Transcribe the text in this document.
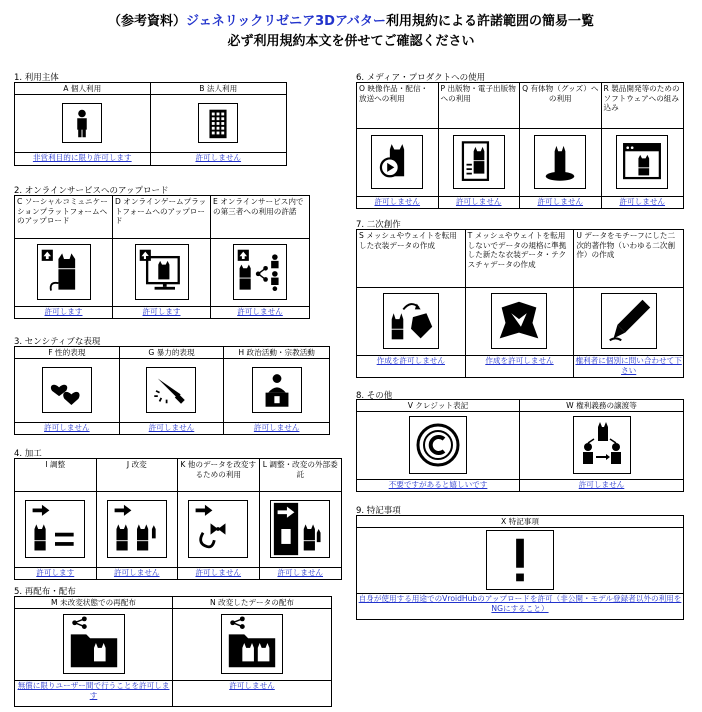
（参考資料）ジェネリックリゼニア3Dアバター利用規約による許諾範囲の簡易一覧
必ず利用規約本文を併せてご確認ください
1. 利用主体
A 個人利用
非営利目的に限り許可します
B 法人利用
許可しません
2. オンラインサービスへのアップロード
C ソーシャルコミュニケーションプラットフォームへのアップロード
許可します
D オンラインゲームプラットフォームへのアップロード
許可します
E オンラインサービス内での第三者への利用の許諾
許可しません
3. センシティブな表現
F 性的表現
許可しません
G 暴力的表現
許可しません
H 政治活動・宗教活動
許可しません
4. 加工
I 調整
許可します
J 改変
許可しません
K 他のデータを改変するための利用
許可しません
L 調整・改変の外部委託
許可しません
5. 再配布・配布
M 未改変状態での再配布
無償に限りユーザー間で行うことを許可します
N 改変したデータの配布
許可しません
6. メディア・プロダクトへの使用
O 映像作品・配信・放送への利用
許可しません
P 出版物・電子出版物への利用
許可しません
Q 有体物（グッズ）への利用
許可しません
R 製品開発等のためのソフトウェアへの組み込み
許可しません
7. 二次創作
S メッシュやウェイトを転用した衣装データの作成
作成を許可しません
T メッシュやウェイトを転用しないでデータの規格に準拠した新たな衣装データ・テクスチャデータの作成
作成を許可しません
U データをモチーフにした二次的著作物（いわゆる二次創作）の作成
権利者に個別に問い合わせて下さい
8. その他
V クレジット表記
不要ですがあると嬉しいです
W 権利義務の譲渡等
許可しません
9. 特記事項
X 特記事項
自身が使用する用途でのVroidHubのアップロードを許可（非公開・モデル登録者以外の利用をNGにすること）
